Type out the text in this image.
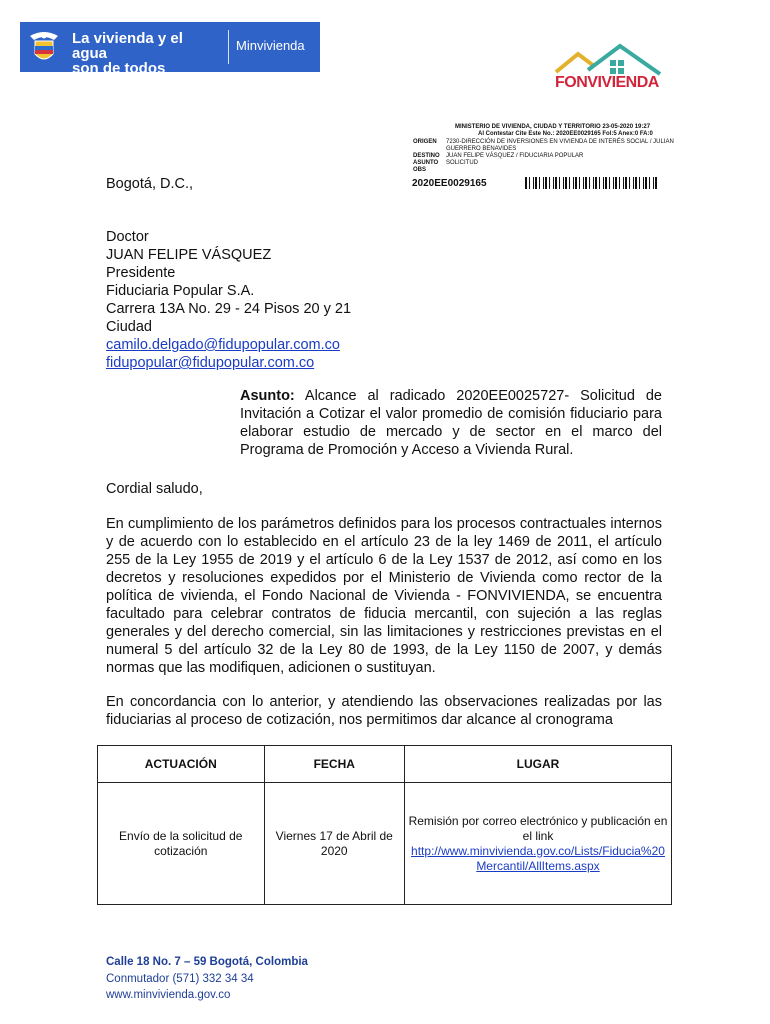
La vivienda y el agua
son de todos
Minvivienda
FONVIVIENDA
MINISTERIO DE VIVIENDA, CIUDAD Y TERRITORIO 23-05-2020 19:27
Al Contestar Cite Este No.: 2020EE0029165 Fol:5 Anex:0 FA:0
ORIGEN 7230-DIRECCIÓN DE INVERSIONES EN VIVIENDA DE INTERÉS SOCIAL / JULIAN
GUERRERO BENAVIDES
DESTINO JUAN FELIPE VÁSQUEZ / FIDUCIARIA POPULAR
ASUNTO SOLICITUD
OBS
2020EE0029165
Bogotá, D.C.,
Doctor
JUAN FELIPE VÁSQUEZ
Presidente
Fiduciaria Popular S.A.
Carrera 13A No. 29 - 24 Pisos 20 y 21
Ciudad
camilo.delgado@fidupopular.com.co
fidupopular@fidupopular.com.co
Asunto: Alcance al radicado 2020EE0025727- Solicitud de Invitación a Cotizar el valor promedio de comisión fiduciario para elaborar estudio de mercado y de sector en el marco del Programa de Promoción y Acceso a Vivienda Rural.
Cordial saludo,
En cumplimiento de los parámetros definidos para los procesos contractuales internos y de acuerdo con lo establecido en el artículo 23 de la ley 1469 de 2011, el artículo 255 de la Ley 1955 de 2019 y el artículo 6 de la Ley 1537 de 2012, así como en los decretos y resoluciones expedidos por el Ministerio de Vivienda como rector de la política de vivienda, el Fondo Nacional de Vivienda - FONVIVIENDA, se encuentra facultado para celebrar contratos de fiducia mercantil, con sujeción a las reglas generales y del derecho comercial, sin las limitaciones y restricciones previstas en el numeral 5 del artículo 32 de la Ley 80 de 1993, de la Ley 1150 de 2007, y demás normas que las modifiquen, adicionen o sustituyan.
En concordancia con lo anterior, y atendiendo las observaciones realizadas por las fiduciarias al proceso de cotización, nos permitimos dar alcance al cronograma
ACTUACIÓN	FECHA	LUGAR
Envío de la solicitud de cotización	Viernes 17 de Abril de 2020	Remisión por correo electrónico y publicación en el link
http://www.minvivienda.gov.co/Lists/Fiducia%20Mercantil/AllItems.aspx
Calle 18 No. 7 – 59 Bogotá, Colombia
Conmutador (571) 332 34 34
www.minvivienda.gov.co
